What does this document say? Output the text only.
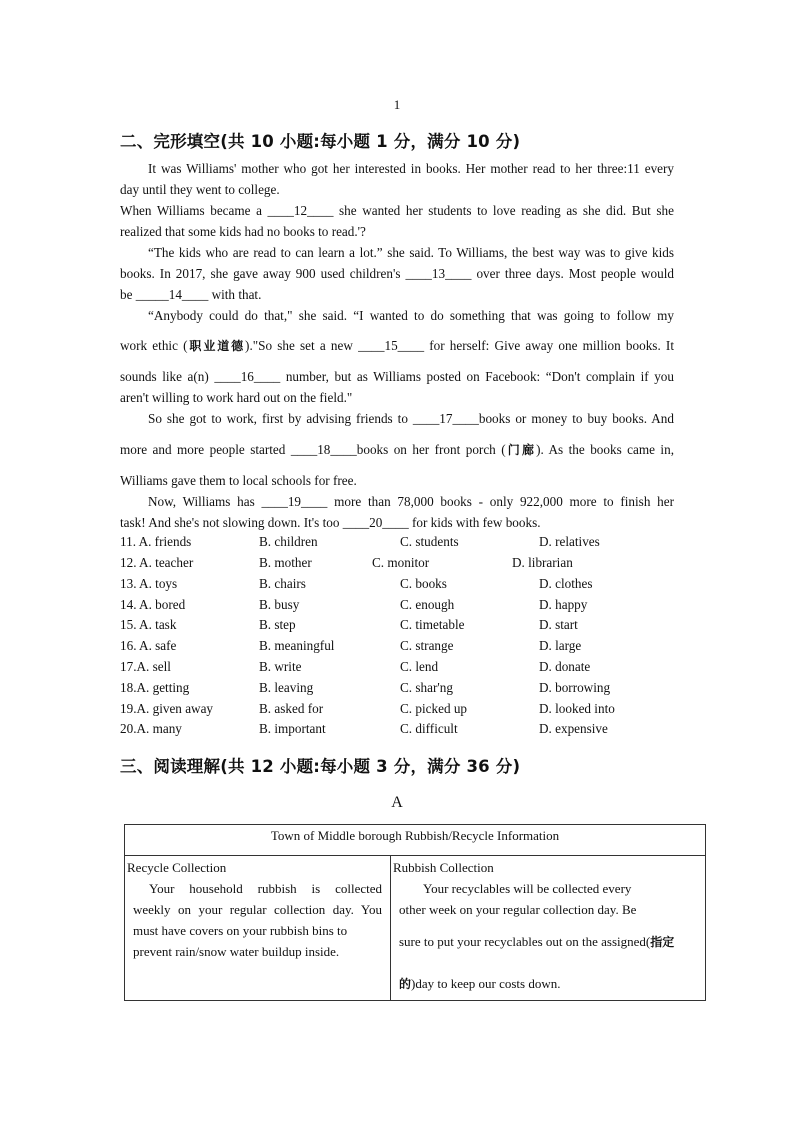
1
二、完形填空(共 10 小题:每小题 1 分，满分 10 分)
It was Williams' mother who got her interested in books. Her mother read to her three:11 every
day until they went to college.
When Williams became a ____12____ she wanted her students to love reading as she did. But she
realized that some kids had no books to read.'?
“The kids who are read to can learn a lot.” she said. To Williams, the best way was to give kids
books. In 2017, she gave away 900 used children's ____13____ over three days. Most people would
be _____14____ with that.
“Anybody could do that," she said. “I wanted to do something that was going to follow my
work ethic (职业道德)."So she set a new ____15____ for herself: Give away one million books. It
sounds like a(n) ____16____ number, but as Williams posted on Facebook: “Don't complain if you
aren't willing to work hard out on the field."
So she got to work, first by advising friends to ____17____books or money to buy books. And
more and more people started ____18____books on her front porch (门廊). As the books came in,
Williams gave them to local schools for free.
Now, Williams has ____19____ more than 78,000 books - only 922,000 more to finish her
task! And she's not slowing down. It's too ____20____ for kids with few books.
11. A. friends	B. children	C. students	D. relatives
12. A. teacher	B. mother	C. monitor	D. librarian
13. A. toys	B. chairs	C. books	D. clothes
14. A. bored	B. busy	C. enough	D. happy
15. A. task	B. step	C. timetable	D. start
16. A. safe	B. meaningful	C. strange	D. large
17.A. sell	B. write	C. lend	D. donate
18.A. getting	B. leaving	C. shar'ng	D. borrowing
19.A. given away	B. asked for	C. picked up	D. looked into
20.A. many	B. important	C. difficult	D. expensive
三、阅读理解(共 12 小题:每小题 3 分，满分 36 分)
A
Town of Middle borough Rubbish/Recycle Information
Recycle Collection
Your household rubbish is collected
weekly on your regular collection day. You
must have covers on your rubbish bins to
prevent rain/snow water buildup inside.
Rubbish Collection
Your recyclables will be collected every
other week on your regular collection day. Be
sure to put your recyclables out on the assigned(指定
的)day to keep our costs down.
